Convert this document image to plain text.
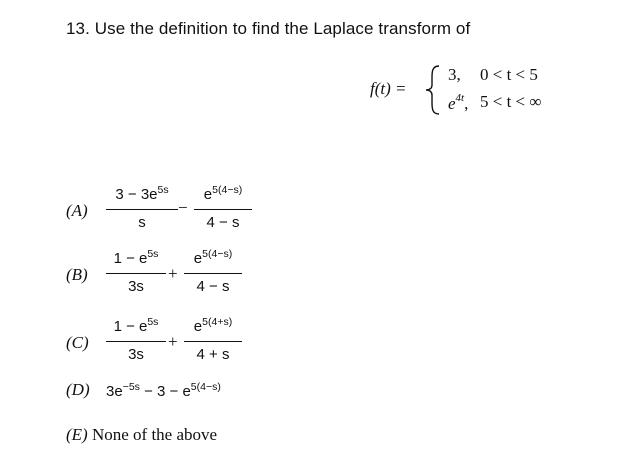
13. Use the definition to find the Laplace transform of
f(t) =
3, 0 < t < 5
$e^{4t}$, 5 < t < ∞
(A)
$3 - 3e^{5s}$
s
−
$e^{5(4-s)}$
4 − s
(B)
$1 - e^{5s}$
3s
+
$e^{5(4-s)}$
4 − s
(C)
$1 - e^{5s}$
3s
+
$e^{5(4+s)}$
4 + s
(D) $3e^{-5s} - 3 - e^{5(4-s)}$
(E) None of the above
